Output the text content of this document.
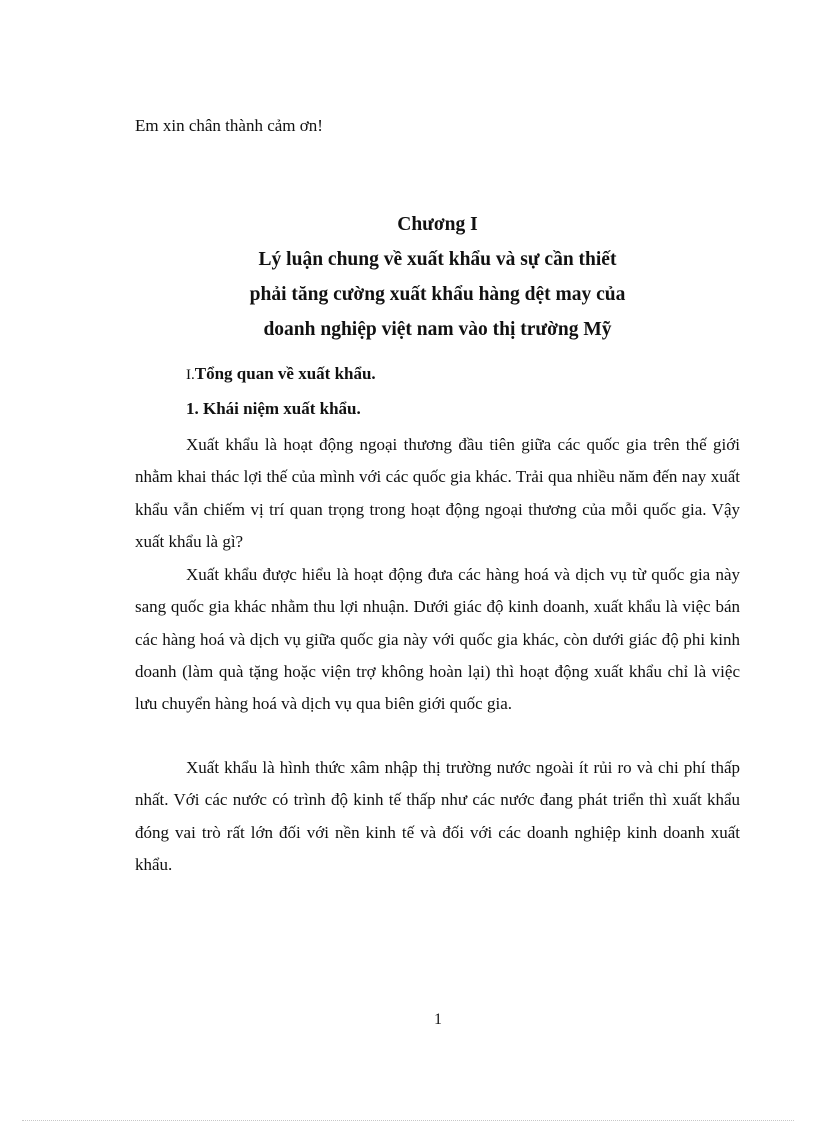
Em xin chân thành cảm ơn!

Chương I
Lý luận chung về xuất khẩu và sự cần thiết
phải tăng cường xuất khẩu hàng dệt may của
doanh nghiệp việt nam vào thị trường Mỹ

I.Tổng quan về xuất khẩu.

1. Khái niệm xuất khẩu.

Xuất khẩu là hoạt động ngoại thương đầu tiên giữa các quốc gia trên thế giới nhằm khai thác lợi thế của mình với các quốc gia khác. Trải qua nhiều năm đến nay xuất khẩu vẫn chiếm vị trí quan trọng trong hoạt động ngoại thương của mỗi quốc gia. Vậy xuất khẩu là gì?

Xuất khẩu được hiểu là hoạt động đưa các hàng hoá và dịch vụ từ quốc gia này sang quốc gia khác nhằm thu lợi nhuận. Dưới giác độ kinh doanh, xuất khẩu là việc bán các hàng hoá và dịch vụ giữa quốc gia này với quốc gia khác, còn dưới giác độ phi kinh doanh (làm quà tặng hoặc viện trợ không hoàn lại) thì hoạt động xuất khẩu chỉ là việc lưu chuyển hàng hoá và dịch vụ qua biên giới quốc gia.

Xuất khẩu là hình thức xâm nhập thị trường nước ngoài ít rủi ro và chi phí thấp nhất. Với các nước có trình độ kinh tế thấp như các nước đang phát triển thì xuất khẩu đóng vai trò rất lớn đối với nền kinh tế và đối với các doanh nghiệp kinh doanh xuất khẩu.

1
